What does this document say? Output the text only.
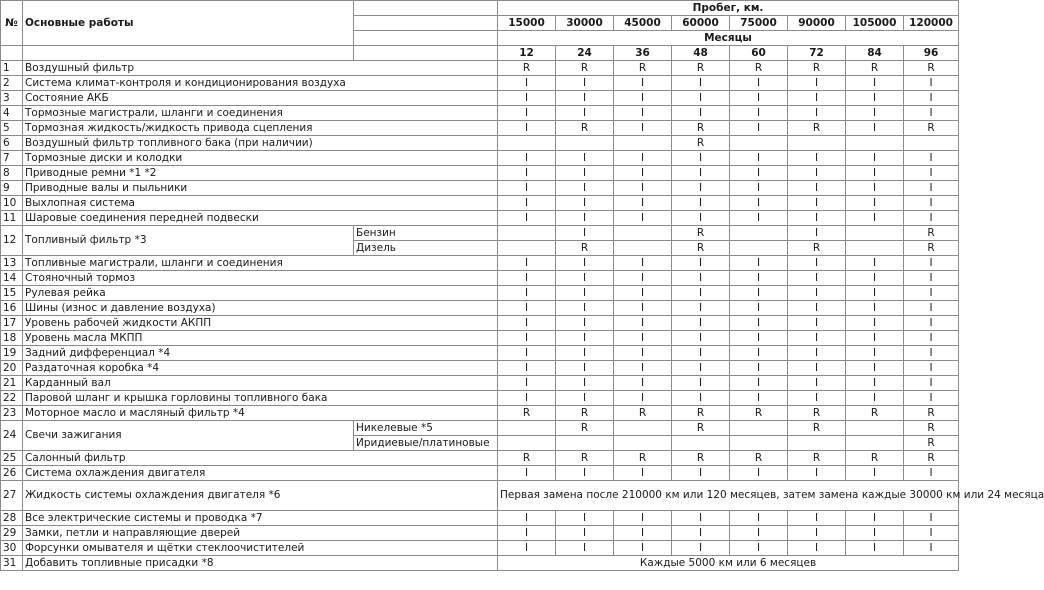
№	Основные работы		Пробег, км.							
			15000	30000	45000	60000	75000	90000	105000	120000
			Месяцы							
			12	24	36	48	60	72	84	96
1	Воздушный фильтр		R	R	R	R	R	R	R	R
2	Система климат-контроля и кондиционирования воздуха		I	I	I	I	I	I	I	I
3	Состояние АКБ		I	I	I	I	I	I	I	I
4	Тормозные магистрали, шланги и соединения		I	I	I	I	I	I	I	I
5	Тормозная жидкость/жидкость привода сцепления		I	R	I	R	I	R	I	R
6	Воздушный фильтр топливного бака (при наличии)					R				
7	Тормозные диски и колодки		I	I	I	I	I	I	I	I
8	Приводные ремни *1 *2		I	I	I	I	I	I	I	I
9	Приводные валы и пыльники		I	I	I	I	I	I	I	I
10	Выхлопная система		I	I	I	I	I	I	I	I
11	Шаровые соединения передней подвески		I	I	I	I	I	I	I	I
12	Топливный фильтр *3	Бензин		I		R		I		R
		Дизель		R		R		R		R
13	Топливные магистрали, шланги и соединения		I	I	I	I	I	I	I	I
14	Стояночный тормоз		I	I	I	I	I	I	I	I
15	Рулевая рейка		I	I	I	I	I	I	I	I
16	Шины (износ и давление воздуха)		I	I	I	I	I	I	I	I
17	Уровень рабочей жидкости АКПП		I	I	I	I	I	I	I	I
18	Уровень масла МКПП		I	I	I	I	I	I	I	I
19	Задний дифференциал *4		I	I	I	I	I	I	I	I
20	Раздаточная коробка *4		I	I	I	I	I	I	I	I
21	Карданный вал		I	I	I	I	I	I	I	I
22	Паровой шланг и крышка горловины топливного бака		I	I	I	I	I	I	I	I
23	Моторное масло и масляный фильтр *4		R	R	R	R	R	R	R	R
24	Свечи зажигания	Никелевые *5		R		R		R		R
		Иридиевые/платиновые								R
25	Салонный фильтр		R	R	R	R	R	R	R	R
26	Система охлаждения двигателя		I	I	I	I	I	I	I	I
27	Жидкость системы охлаждения двигателя *6		Первая замена после 210000 км или 120 месяцев, затем замена каждые 30000 км или 24 месяца							
28	Все электрические системы и проводка *7		I	I	I	I	I	I	I	I
29	Замки, петли и направляющие дверей		I	I	I	I	I	I	I	I
30	Форсунки омывателя и щётки стеклоочистителей		I	I	I	I	I	I	I	I
31	Добавить топливные присадки *8		Каждые 5000 км или 6 месяцев							
